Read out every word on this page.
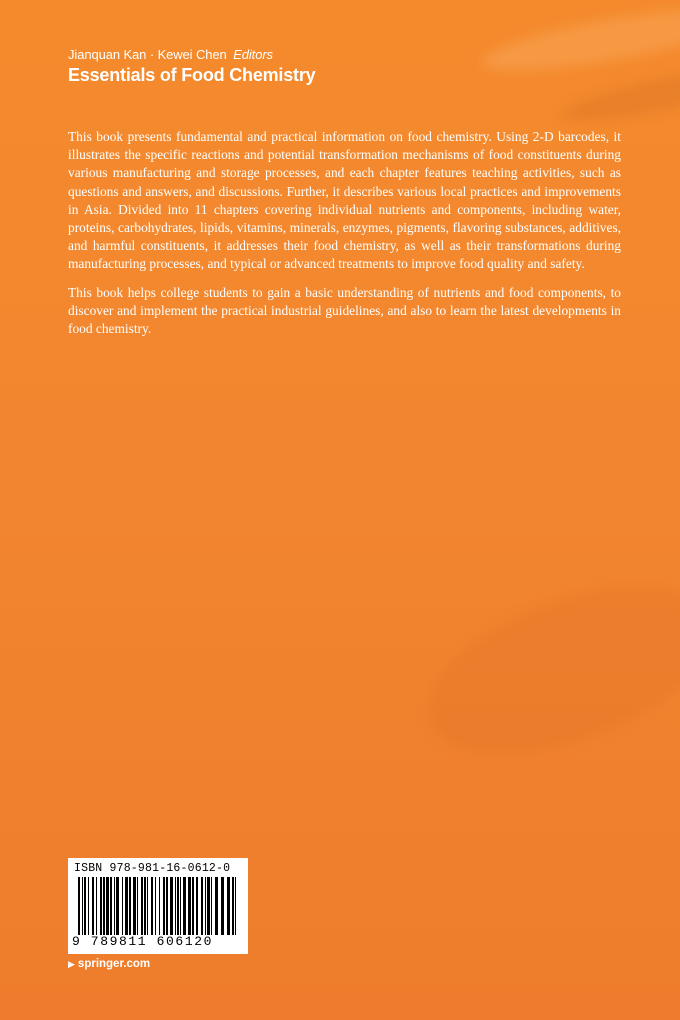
Jianquan Kan · Kewei Chen Editors
Essentials of Food Chemistry

This book presents fundamental and practical information on food chemistry. Using 2-D barcodes, it illustrates the specific reactions and potential transformation mechanisms of food constituents during various manufacturing and storage processes, and each chapter features teaching activities, such as questions and answers, and discussions. Further, it describes various local practices and improvements in Asia. Divided into 11 chapters covering individual nutrients and components, including water, proteins, carbohydrates, lipids, vitamins, minerals, enzymes, pigments, flavoring substances, additives, and harmful constituents, it addresses their food chemistry, as well as their transformations during manufacturing processes, and typical or advanced treatments to improve food quality and safety.

This book helps college students to gain a basic understanding of nutrients and food components, to discover and implement the practical industrial guidelines, and also to learn the latest developments in food chemistry.

ISBN 978-981-16-0612-0
9 789811 606120
▶ springer.com
